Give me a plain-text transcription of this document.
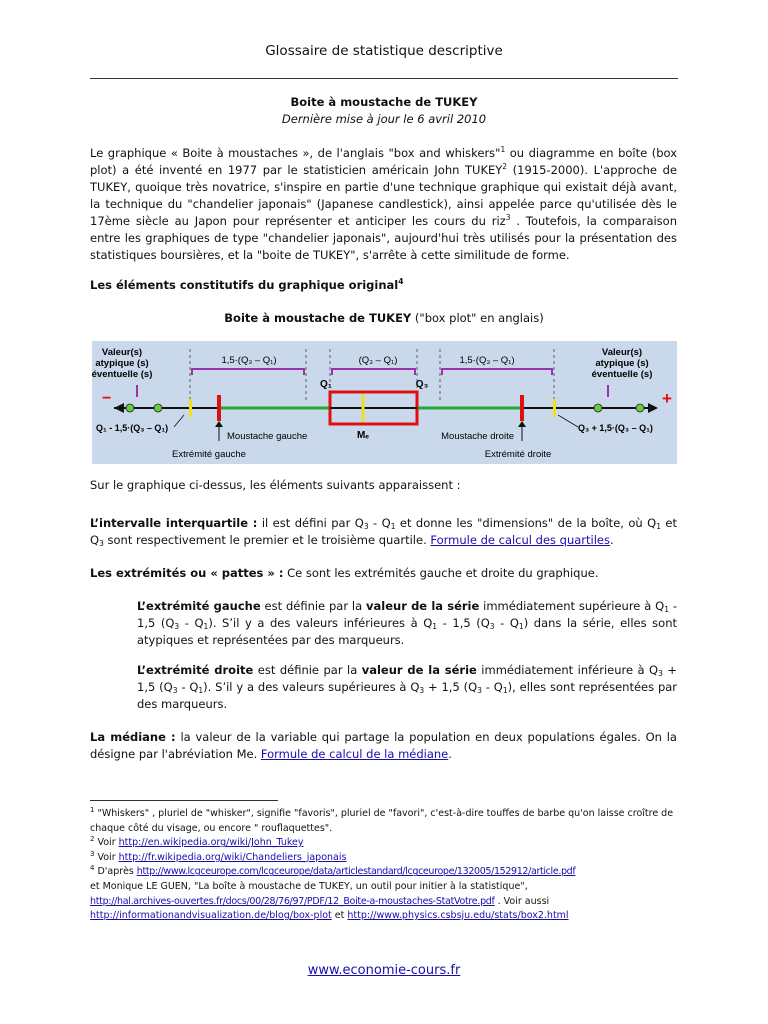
Glossaire de statistique descriptive
Boite à moustache de TUKEY
Dernière mise à jour le 6 avril 2010
Le graphique « Boite à moustaches », de l'anglais "box and whiskers"$^1$ ou diagramme en boîte (box plot) a été inventé en 1977 par le statisticien américain John TUKEY$^2$ (1915-2000). L'approche de TUKEY, quoique très novatrice, s'inspire en partie d'une technique graphique qui existait déjà avant, la technique du "chandelier japonais" (Japanese candlestick), ainsi appelée parce qu'utilisée dès le 17ème siècle au Japon pour représenter et anticiper les cours du riz$^3$ . Toutefois, la comparaison entre les graphiques de type "chandelier japonais", aujourd'hui très utilisés pour la présentation des statistiques boursières, et la "boite de TUKEY", s'arrête à cette similitude de forme.
Les éléments constitutifs du graphique original$^4$
Boite à moustache de TUKEY ("box plot" en anglais)
Valeur(s)
atypique (s)
éventuelle (s)
Valeur(s)
atypique (s)
éventuelle (s)
1,5·(Q₃ – Q₁)	(Q₃ – Q₁)	1,5·(Q₃ – Q₁)
Q₁	Q₃
−	+
Mₑ
Q₁ - 1,5·(Q₃ – Q₁)	Q₃ + 1,5·(Q₃ – Q₁)
Moustache gauche	Moustache droite
Extrémité gauche	Extrémité droite
Sur le graphique ci-dessus, les éléments suivants apparaissent :
L’intervalle interquartile : il est défini par $Q_3 - Q_1$ et donne les "dimensions" de la boîte, où $Q_1$ et $Q_3$ sont respectivement le premier et le troisième quartile. Formule de calcul des quartiles.
Les extrémités ou « pattes » : Ce sont les extrémités gauche et droite du graphique.
L’extrémité gauche est définie par la valeur de la série immédiatement supérieure à $Q_1 - 1,5$ $(Q_3 - Q_1)$. S’il y a des valeurs inférieures à $Q_1 - 1,5$ $(Q_3 - Q_1)$ dans la série, elles sont atypiques et représentées par des marqueurs.
L’extrémité droite est définie par la valeur de la série immédiatement inférieure à $Q_3 + 1,5$ $(Q_3 - Q_1)$. S’il y a des valeurs supérieures à $Q_3 + 1,5$ $(Q_3 - Q_1)$, elles sont représentées par des marqueurs.
La médiane : la valeur de la variable qui partage la population en deux populations égales. On la désigne par l'abréviation Me. Formule de calcul de la médiane.
$^1$ "Whiskers" , pluriel de "whisker", signifie "favoris", pluriel de "favori", c'est-à-dire touffes de barbe qu'on laisse croître de chaque côté du visage, ou encore " rouflaquettes".
$^2$ Voir http://en.wikipedia.org/wiki/John_Tukey
$^3$ Voir http://fr.wikipedia.org/wiki/Chandeliers_japonais
$^4$ D'après http://www.lcgceurope.com/lcgceurope/data/articlestandard/lcgceurope/132005/152912/article.pdf
et Monique LE GUEN, "La boîte à moustache de TUKEY, un outil pour initier à la statistique",
http://hal.archives-ouvertes.fr/docs/00/28/76/97/PDF/12_Boite-a-moustaches-StatVotre.pdf . Voir aussi
http://informationandvisualization.de/blog/box-plot et http://www.physics.csbsju.edu/stats/box2.html
www.economie-cours.fr
